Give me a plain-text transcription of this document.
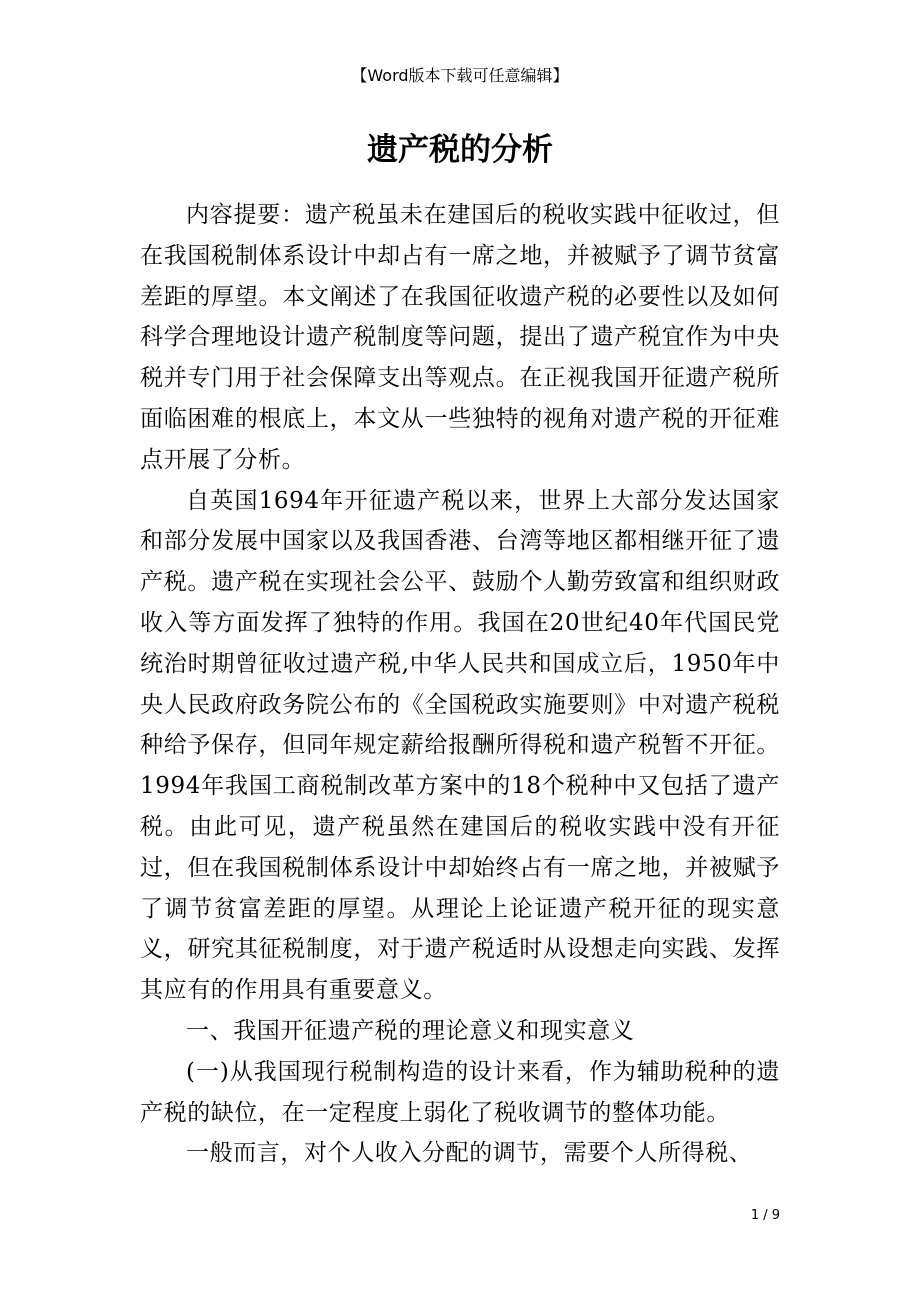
【Word版本下载可任意编辑】
遗产税的分析

内容提要：遗产税虽未在建国后的税收实践中征收过，但在我国税制体系设计中却占有一席之地，并被赋予了调节贫富差距的厚望。本文阐述了在我国征收遗产税的必要性以及如何科学合理地设计遗产税制度等问题，提出了遗产税宜作为中央税并专门用于社会保障支出等观点。在正视我国开征遗产税所面临困难的根底上，本文从一些独特的视角对遗产税的开征难点开展了分析。

自英国1694年开征遗产税以来，世界上大部分发达国家和部分发展中国家以及我国香港、台湾等地区都相继开征了遗产税。遗产税在实现社会公平、鼓励个人勤劳致富和组织财政收入等方面发挥了独特的作用。我国在20世纪40年代国民党统治时期曾征收过遗产税,中华人民共和国成立后，1950年中央人民政府政务院公布的《全国税政实施要则》中对遗产税税种给予保存，但同年规定薪给报酬所得税和遗产税暂不开征。1994年我国工商税制改革方案中的18个税种中又包括了遗产税。由此可见，遗产税虽然在建国后的税收实践中没有开征过，但在我国税制体系设计中却始终占有一席之地，并被赋予了调节贫富差距的厚望。从理论上论证遗产税开征的现实意义，研究其征税制度，对于遗产税适时从设想走向实践、发挥其应有的作用具有重要意义。

一、我国开征遗产税的理论意义和现实意义

(一)从我国现行税制构造的设计来看，作为辅助税种的遗产税的缺位，在一定程度上弱化了税收调节的整体功能。

一般而言，对个人收入分配的调节，需要个人所得税、

1 / 9
